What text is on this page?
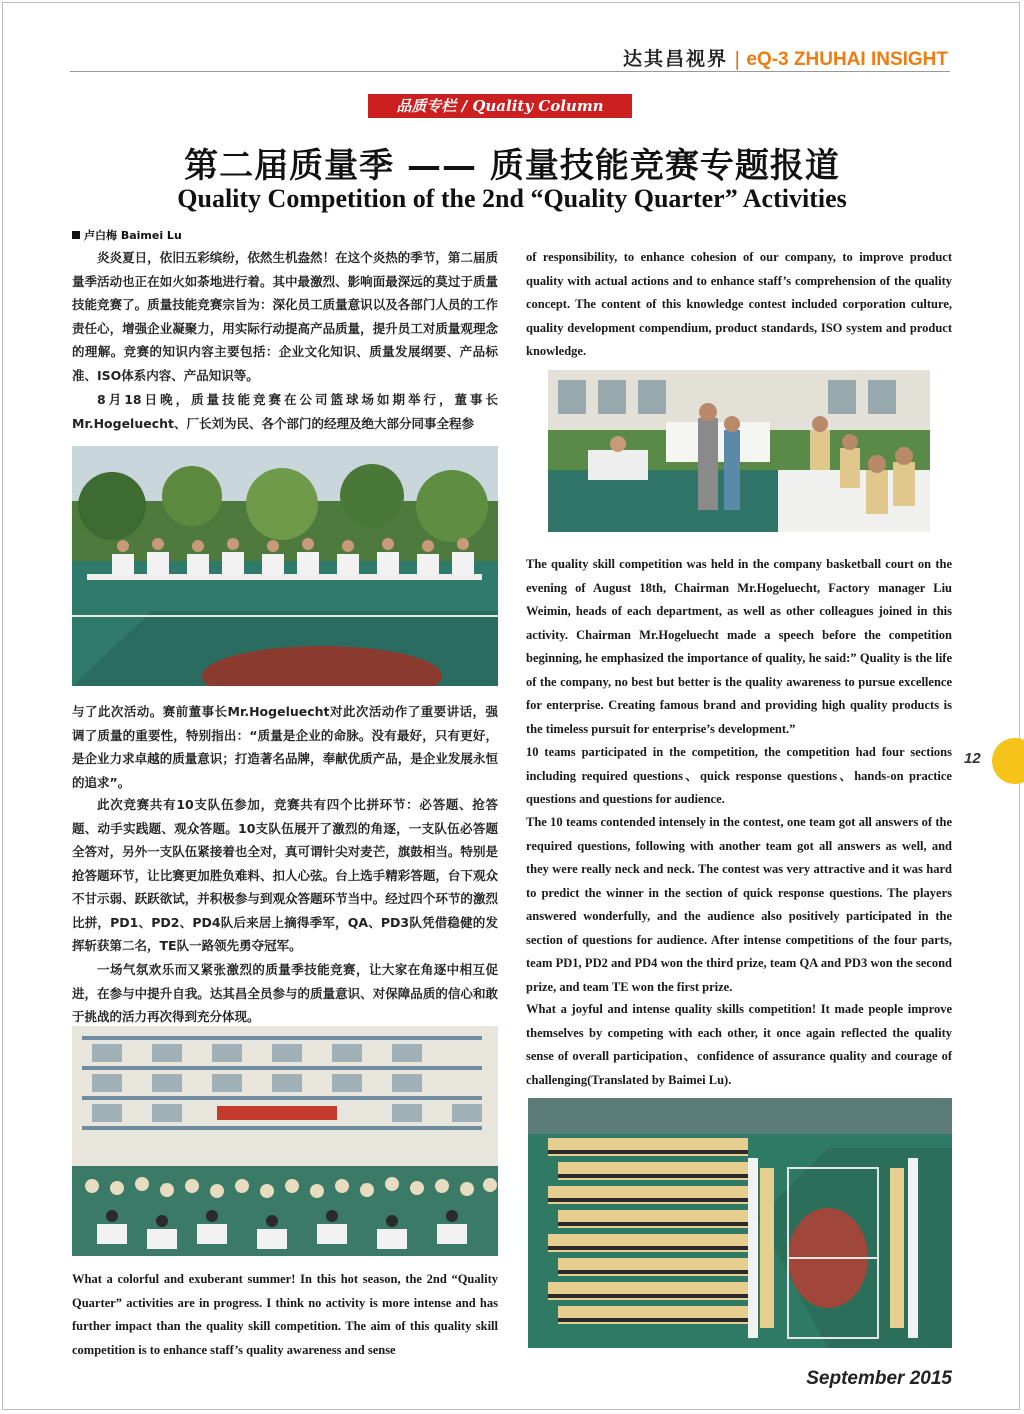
达其昌视界 | eQ-3 ZHUHAI INSIGHT
品质专栏 / Quality Column
第二届质量季 —— 质量技能竞赛专题报道
Quality Competition of the 2nd “Quality Quarter” Activities
卢白梅 Baimei Lu

炎炎夏日，依旧五彩缤纷，依然生机盎然！在这个炎热的季节，第二届质量季活动也正在如火如荼地进行着。其中最激烈、影响面最深远的莫过于质量技能竞赛了。质量技能竞赛宗旨为：深化员工质量意识以及各部门人员的工作责任心，增强企业凝聚力，用实际行动提高产品质量，提升员工对质量观理念的理解。竞赛的知识内容主要包括：企业文化知识、质量发展纲要、产品标准、ISO体系内容、产品知识等。

8月18日晚，质量技能竞赛在公司篮球场如期举行，董事长Mr.Hogeluecht、厂长刘为民、各个部门的经理及绝大部分同事全程参

与了此次活动。赛前董事长Mr.Hogeluecht对此次活动作了重要讲话，强调了质量的重要性，特别指出：“质量是企业的命脉。没有最好，只有更好，是企业力求卓越的质量意识；打造著名品牌，奉献优质产品，是企业发展永恒的追求”。

此次竞赛共有10支队伍参加，竞赛共有四个比拼环节：必答题、抢答题、动手实践题、观众答题。10支队伍展开了激烈的角逐，一支队伍必答题全答对，另外一支队伍紧接着也全对，真可谓针尖对麦芒，旗鼓相当。特别是抢答题环节，让比赛更加胜负难料、扣人心弦。台上选手精彩答题，台下观众不甘示弱、跃跃欲试，并积极参与到观众答题环节当中。经过四个环节的激烈比拼，PD1、PD2、PD4队后来居上摘得季军，QA、PD3队凭借稳健的发挥斩获第二名，TE队一路领先勇夺冠军。

一场气氛欢乐而又紧张激烈的质量季技能竞赛，让大家在角逐中相互促进，在参与中提升自我。达其昌全员参与的质量意识、对保障品质的信心和敢于挑战的活力再次得到充分体现。

What a colorful and exuberant summer! In this hot season, the 2nd “Quality Quarter” activities are in progress. I think no activity is more intense and has further impact than the quality skill competition. The aim of this quality skill competition is to enhance staff’s quality awareness and sense

of responsibility, to enhance cohesion of our company, to improve product quality with actual actions and to enhance staff’s comprehension of the quality concept. The content of this knowledge contest included corporation culture, quality development compendium, product standards, ISO system and product knowledge.

The quality skill competition was held in the company basketball court on the evening of August 18th, Chairman Mr.Hogeluecht, Factory manager Liu Weimin, heads of each department, as well as other colleagues joined in this activity. Chairman Mr.Hogeluecht made a speech before the competition beginning, he emphasized the importance of quality, he said:” Quality is the life of the company, no best but better is the quality awareness to pursue excellence for enterprise. Creating famous brand and providing high quality products is the timeless pursuit for enterprise’s development.”

10 teams participated in the competition, the competition had four sections including required questions、quick response questions、hands-on practice questions and questions for audience.

The 10 teams contended intensely in the contest, one team got all answers of the required questions, following with another team got all answers as well, and they were really neck and neck. The contest was very attractive and it was hard to predict the winner in the section of quick response questions. The players answered wonderfully, and the audience also positively participated in the section of questions for audience. After intense competitions of the four parts, team PD1, PD2 and PD4 won the third prize, team QA and PD3 won the second prize, and team TE won the first prize.

What a joyful and intense quality skills competition! It made people improve themselves by competing with each other, it once again reflected the quality sense of overall participation、confidence of assurance quality and courage of challenging(Translated by Baimei Lu).

12
September 2015
